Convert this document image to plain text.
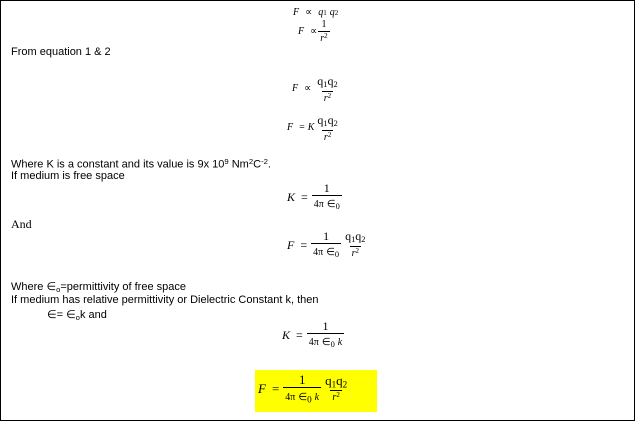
F ∝ q 1 q 2
$F \propto \frac{1}{r^2}$
From equation 1 & 2
$F \propto \frac{q_1q_2}{r^2}$
F = K $\frac{q_1q_2}{r^2}$
Where K is a constant and its value is 9x $10^9$ $Nm^2C^{-2}$.
If medium is free space
$K = \frac{1}{4\pi \in_0}$
And
$F = \frac{1}{4\pi \in_0} \frac{q_1q_2}{r^2}$
Where $\in_o=permittivity$ of free space
If medium has relative permittivity or Dielectric Constant k, then
∈= $\in_ok$ and
$K = \frac{1}{4\pi \in_0 k}$
$F = \frac{1}{4\pi \in_0 k} \frac{q_1q_2}{r^2}$
